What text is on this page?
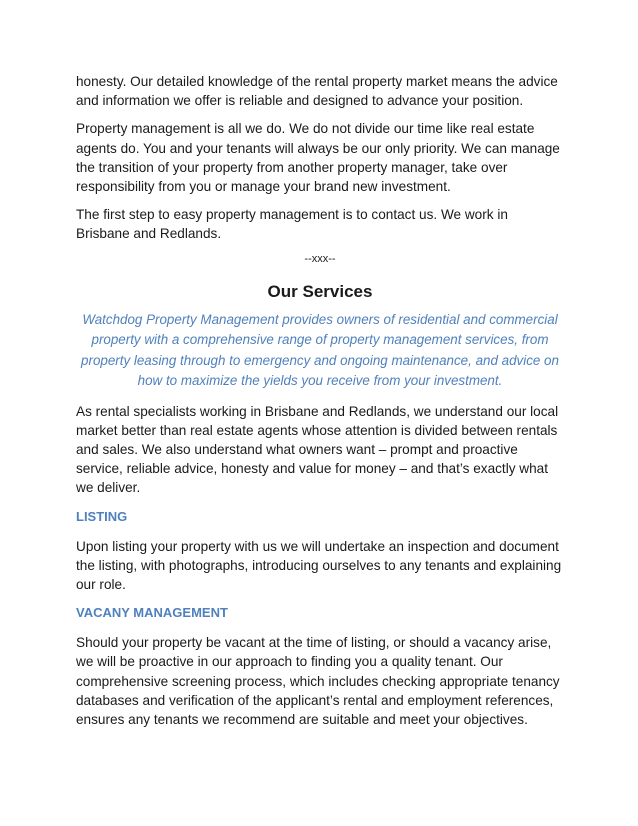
honesty. Our detailed knowledge of the rental property market means the advice and information we offer is reliable and designed to advance your position.

Property management is all we do. We do not divide our time like real estate agents do. You and your tenants will always be our only priority. We can manage the transition of your property from another property manager, take over responsibility from you or manage your brand new investment.

The first step to easy property management is to contact us. We work in Brisbane and Redlands.

--xxx--
Our Services

Watchdog Property Management provides owners of residential and commercial property with a comprehensive range of property management services, from property leasing through to emergency and ongoing maintenance, and advice on how to maximize the yields you receive from your investment.

As rental specialists working in Brisbane and Redlands, we understand our local market better than real estate agents whose attention is divided between rentals and sales. We also understand what owners want – prompt and proactive service, reliable advice, honesty and value for money – and that’s exactly what we deliver.

LISTING

Upon listing your property with us we will undertake an inspection and document the listing, with photographs, introducing ourselves to any tenants and explaining our role.

VACANY MANAGEMENT

Should your property be vacant at the time of listing, or should a vacancy arise, we will be proactive in our approach to finding you a quality tenant. Our comprehensive screening process, which includes checking appropriate tenancy databases and verification of the applicant’s rental and employment references, ensures any tenants we recommend are suitable and meet your objectives.
